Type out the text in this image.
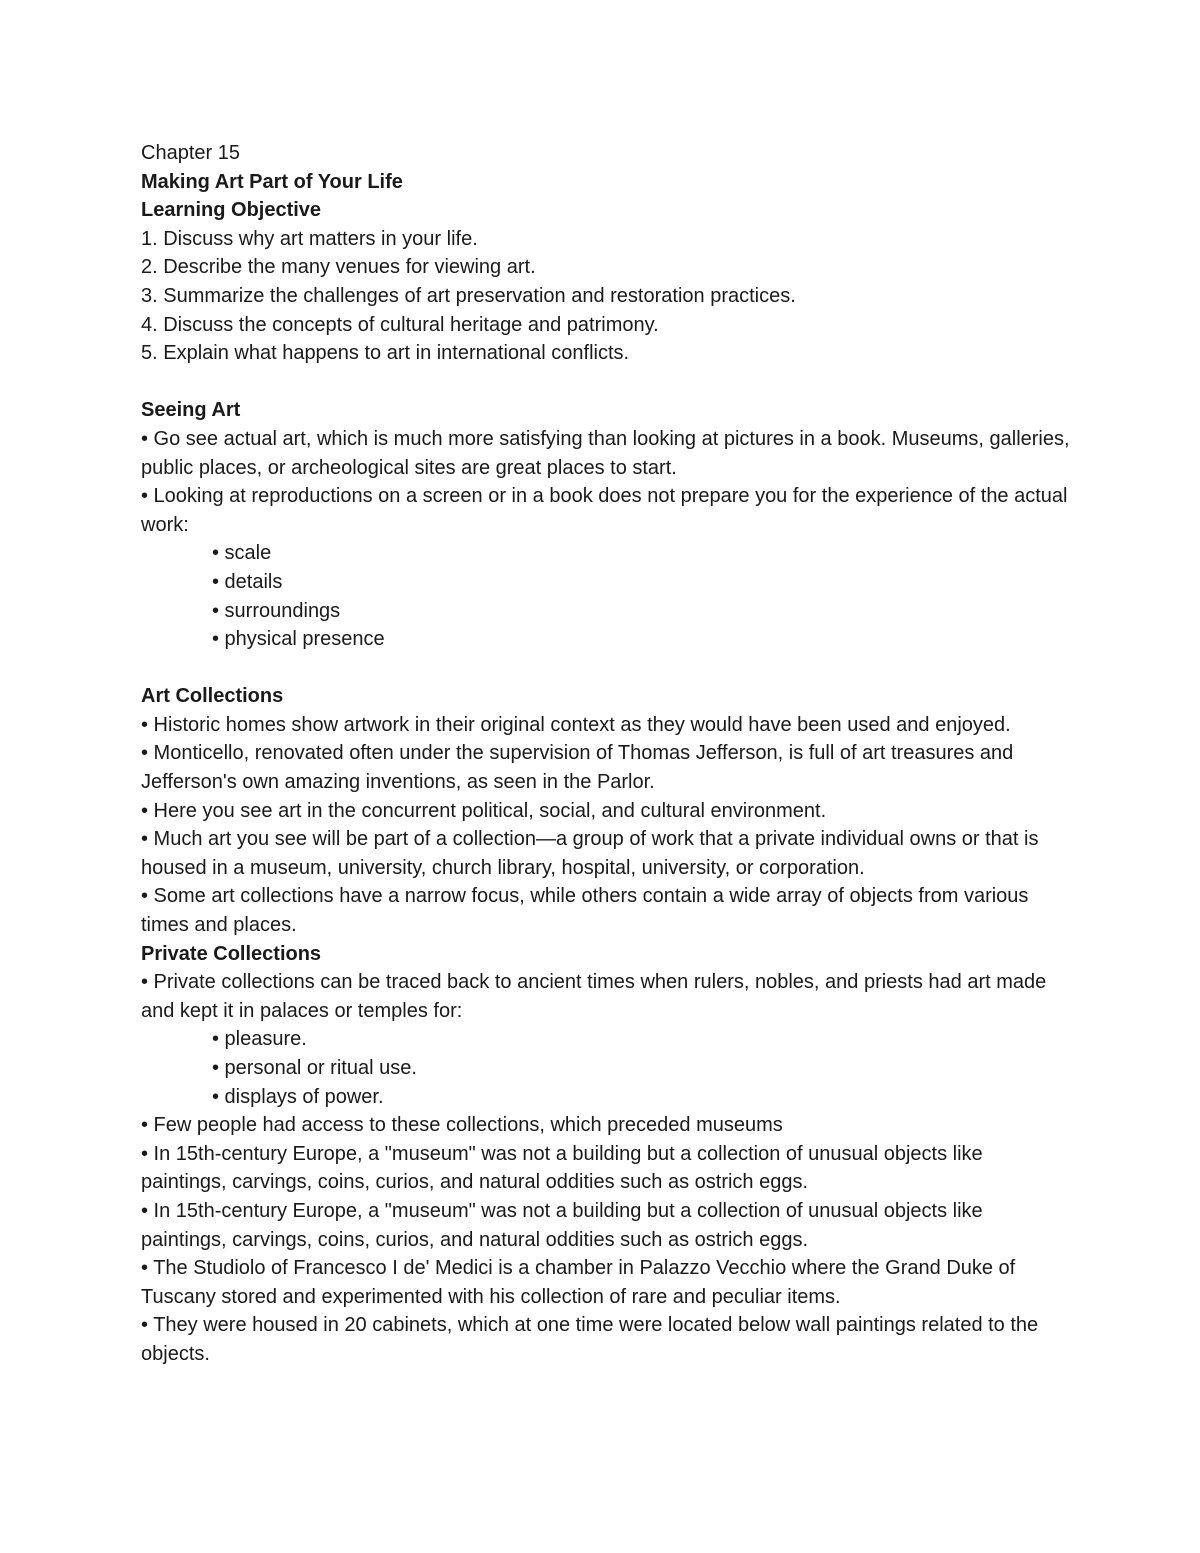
Chapter 15

Making Art Part of Your Life

Learning Objective

1. Discuss why art matters in your life.

2. Describe the many venues for viewing art.

3. Summarize the challenges of art preservation and restoration practices.

4. Discuss the concepts of cultural heritage and patrimony.

5. Explain what happens to art in international conflicts.

Seeing Art

• Go see actual art, which is much more satisfying than looking at pictures in a book. Museums, galleries, public places, or archeological sites are great places to start.

• Looking at reproductions on a screen or in a book does not prepare you for the experience of the actual work:

• scale

• details

• surroundings

• physical presence

Art Collections

• Historic homes show artwork in their original context as they would have been used and enjoyed.

• Monticello, renovated often under the supervision of Thomas Jefferson, is full of art treasures and Jefferson's own amazing inventions, as seen in the Parlor.

• Here you see art in the concurrent political, social, and cultural environment.

• Much art you see will be part of a collection—a group of work that a private individual owns or that is housed in a museum, university, church library, hospital, university, or corporation.

• Some art collections have a narrow focus, while others contain a wide array of objects from various times and places.

Private Collections

• Private collections can be traced back to ancient times when rulers, nobles, and priests had art made and kept it in palaces or temples for:

• pleasure.

• personal or ritual use.

• displays of power.

• Few people had access to these collections, which preceded museums

• In 15th-century Europe, a "museum" was not a building but a collection of unusual objects like paintings, carvings, coins, curios, and natural oddities such as ostrich eggs.

• In 15th-century Europe, a "museum" was not a building but a collection of unusual objects like paintings, carvings, coins, curios, and natural oddities such as ostrich eggs.

• The Studiolo of Francesco I de' Medici is a chamber in Palazzo Vecchio where the Grand Duke of Tuscany stored and experimented with his collection of rare and peculiar items.

• They were housed in 20 cabinets, which at one time were located below wall paintings related to the objects.
